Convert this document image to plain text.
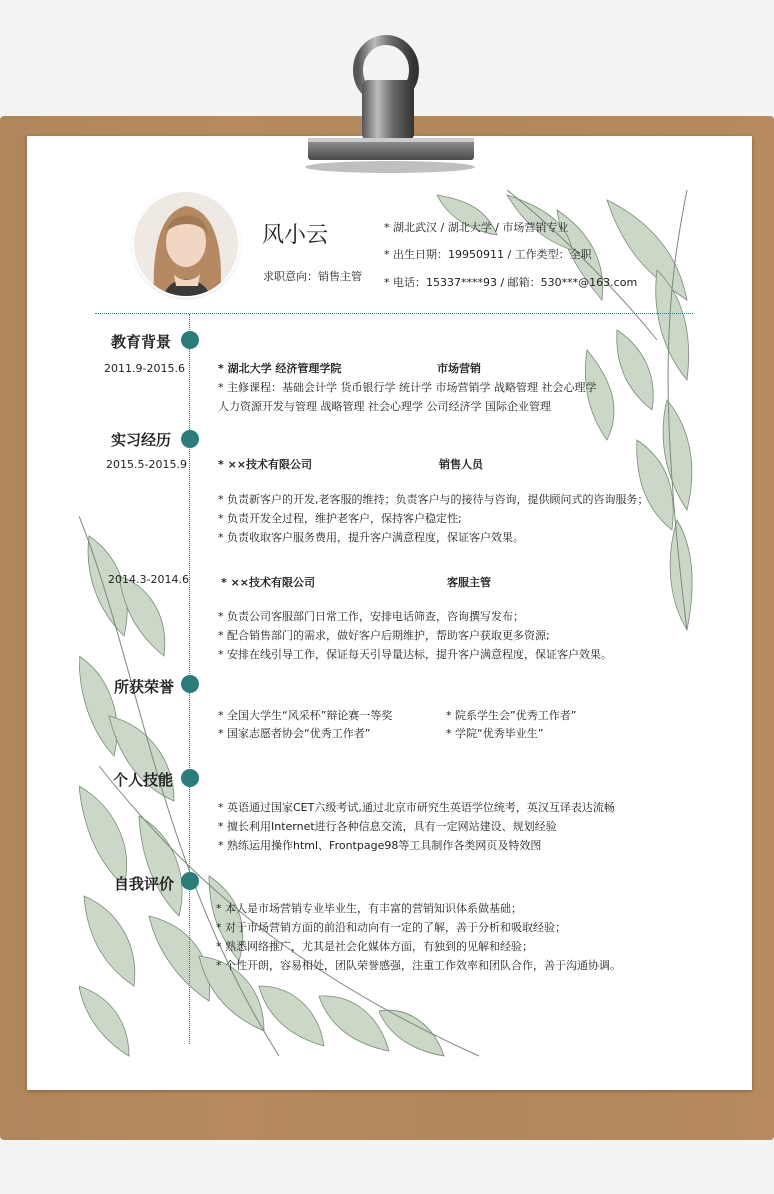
风小云
求职意向：销售主管
* 湖北武汉 / 湖北大学 / 市场营销专业
* 出生日期：19950911 / 工作类型：全职
* 电话：15337****93 / 邮箱：530***@163.com
教育背景
2011.9-2015.6	* 湖北大学 经济管理学院	市场营销
* 主修课程：基础会计学 货币银行学 统计学 市场营销学 战略管理 社会心理学
人力资源开发与管理 战略管理 社会心理学 公司经济学 国际企业管理
实习经历
2015.5-2015.9	* ××技术有限公司	销售人员
* 负责新客户的开发,老客服的维持；负责客户与的接待与咨询，提供顾问式的咨询服务；
* 负责开发全过程，维护老客户，保持客户稳定性;
* 负责收取客户服务费用，提升客户满意程度，保证客户效果。
2014.3-2014.6	* ××技术有限公司	客服主管
* 负责公司客服部门日常工作，安排电话筛查，咨询撰写发布；
* 配合销售部门的需求，做好客户后期维护，帮助客户获取更多资源;
* 安排在线引导工作，保证每天引导量达标，提升客户满意程度，保证客户效果。
所获荣誉
* 全国大学生“风采杯”辩论赛一等奖	* 院系学生会”优秀工作者”
* 国家志愿者协会“优秀工作者”	* 学院“优秀毕业生”
个人技能
* 英语通过国家CET六级考试,通过北京市研究生英语学位统考，英汉互译表达流畅
* 擅长利用Internet进行各种信息交流，具有一定网站建设、规划经验
* 熟练运用操作html、Frontpage98等工具制作各类网页及特效图
自我评价
* 本人是市场营销专业毕业生，有丰富的营销知识体系做基础；
* 对于市场营销方面的前沿和动向有一定的了解，善于分析和吸取经验；
* 熟悉网络推广，尤其是社会化媒体方面，有独到的见解和经验；
* 个性开朗，容易相处，团队荣誉感强，注重工作效率和团队合作，善于沟通协调。
